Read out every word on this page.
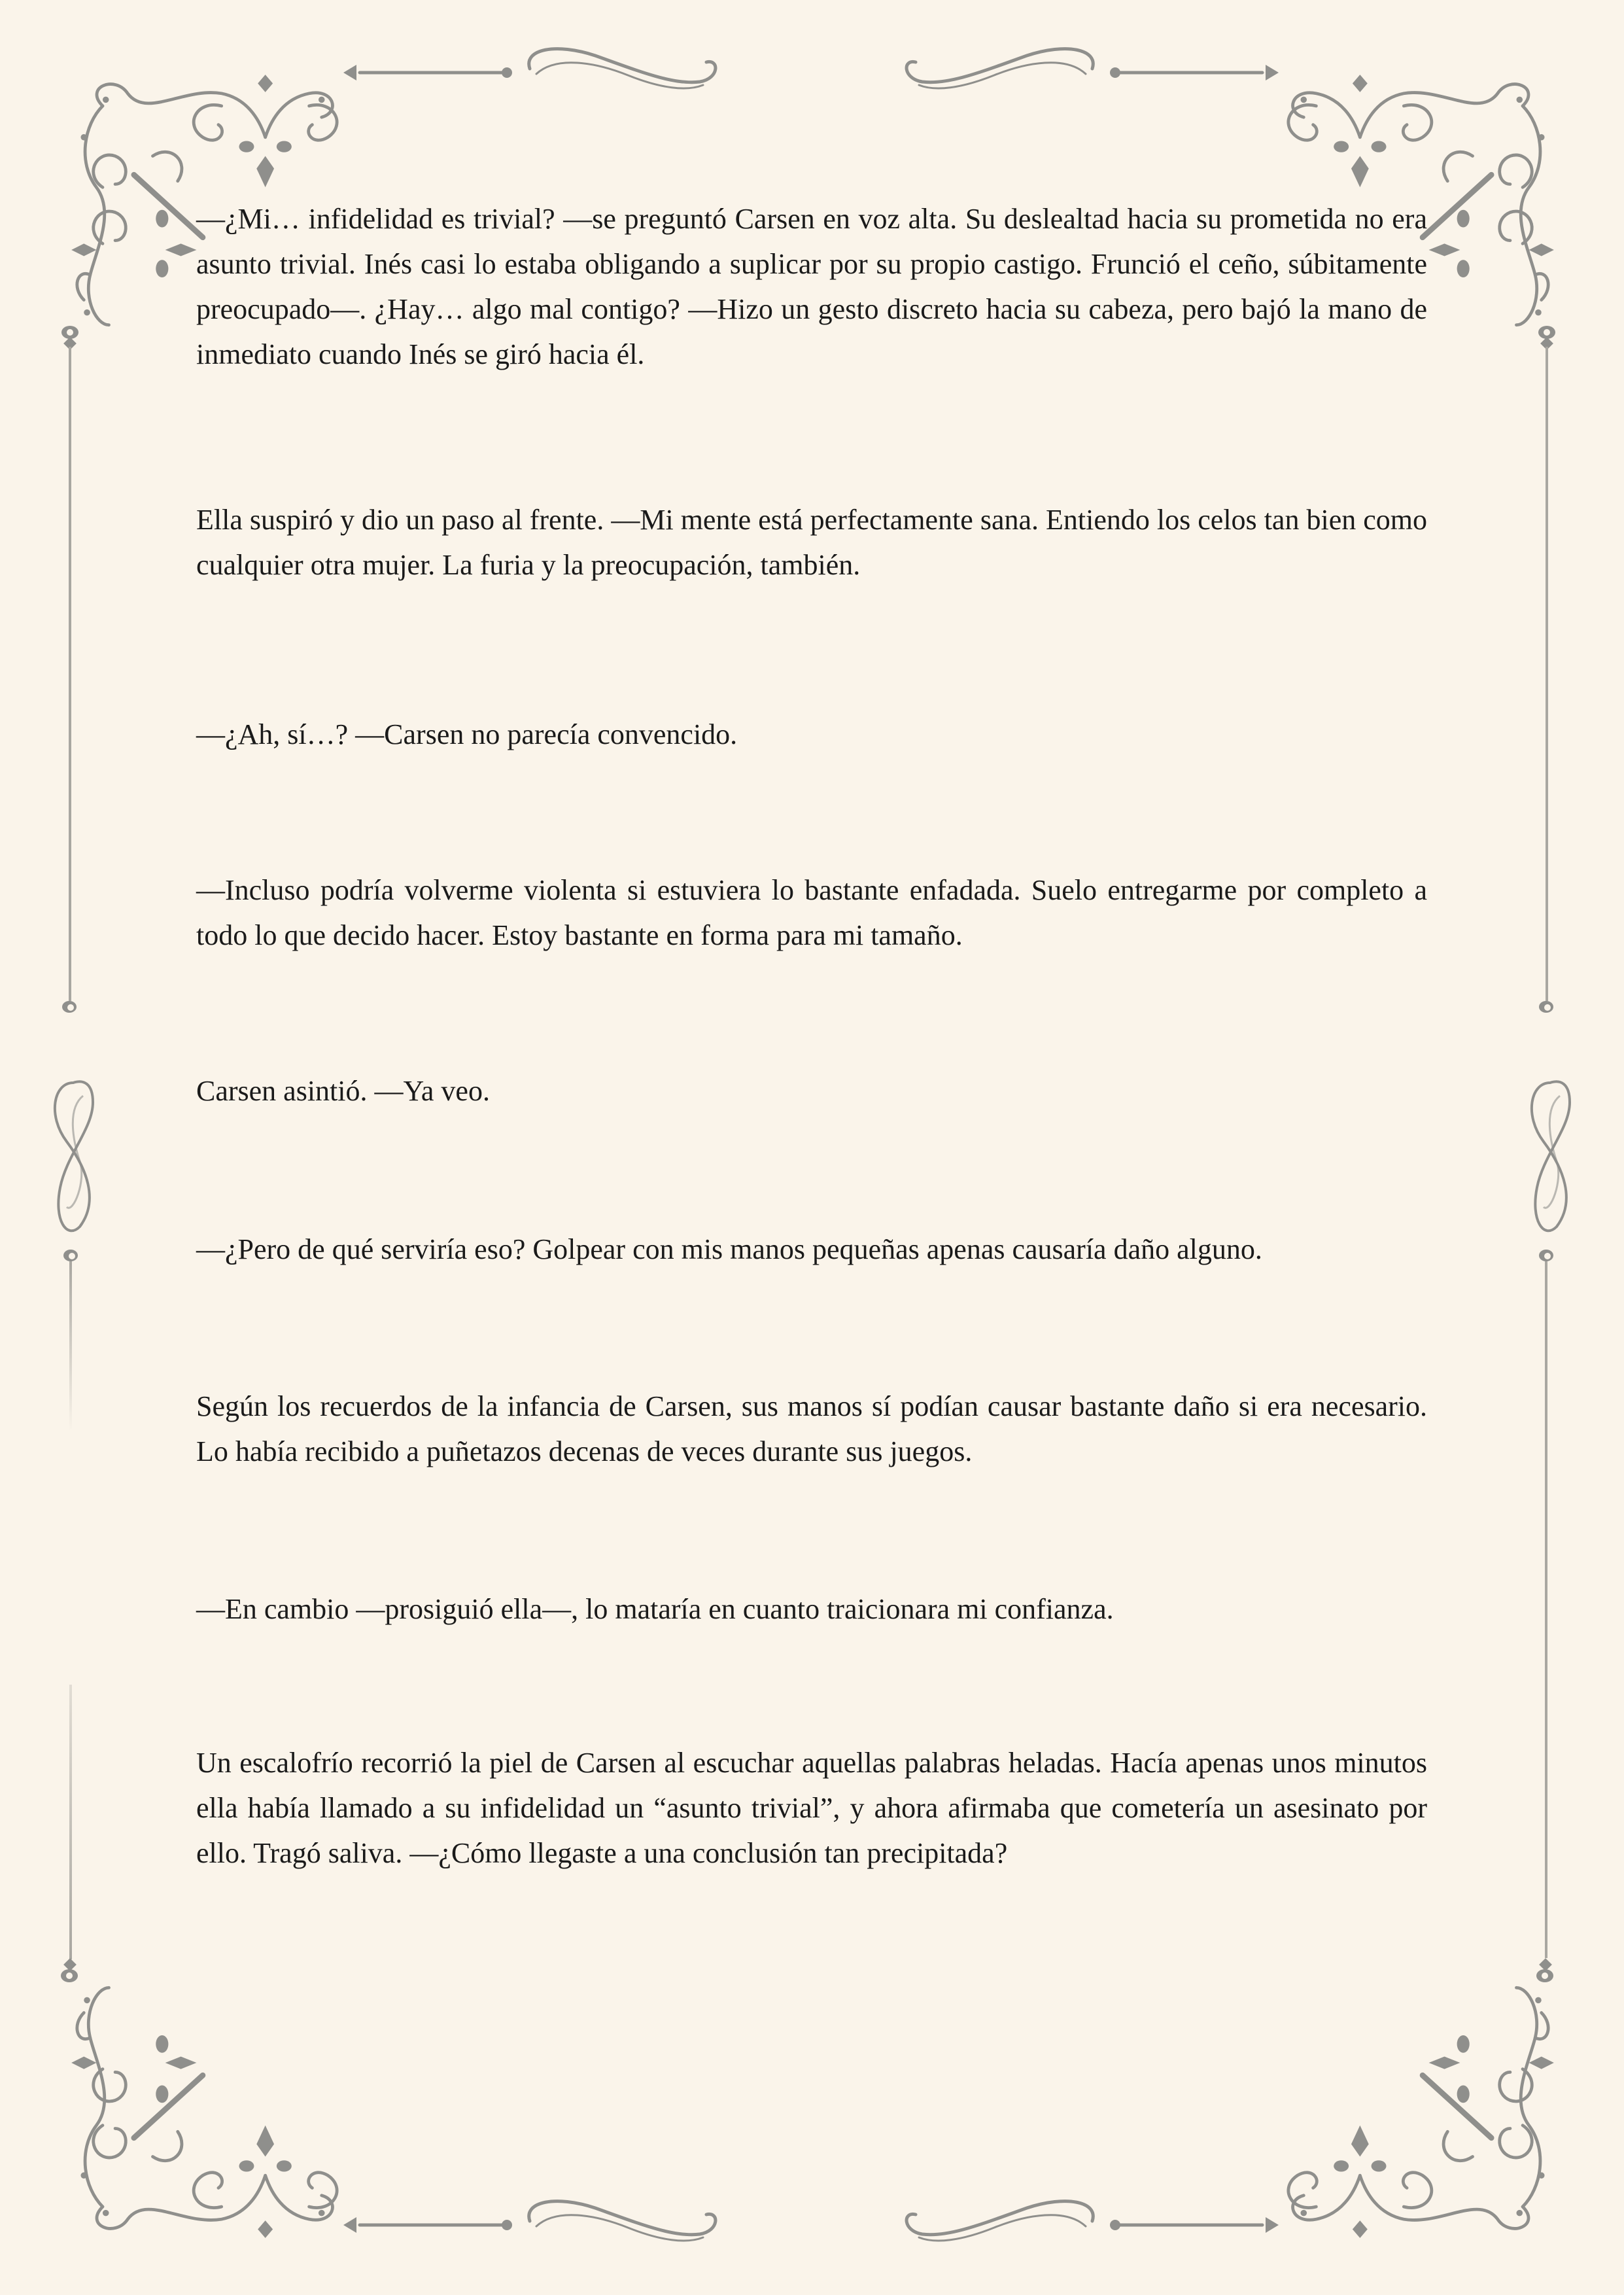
—¿Mi… infidelidad es trivial? —se preguntó Carsen en voz alta. Su deslealtad hacia su prometida no era asunto trivial. Inés casi lo estaba obligando a suplicar por su propio castigo. Frunció el ceño, súbitamente preocupado—. ¿Hay… algo mal contigo? —Hizo un gesto discreto hacia su cabeza, pero bajó la mano de inmediato cuando Inés se giró hacia él.

Ella suspiró y dio un paso al frente. —Mi mente está perfectamente sana. Entiendo los celos tan bien como cualquier otra mujer. La furia y la preocupación, también.

—¿Ah, sí…? —Carsen no parecía convencido.

—Incluso podría volverme violenta si estuviera lo bastante enfadada. Suelo entregarme por completo a todo lo que decido hacer. Estoy bastante en forma para mi tamaño.

Carsen asintió. —Ya veo.

—¿Pero de qué serviría eso? Golpear con mis manos pequeñas apenas causaría daño alguno.

Según los recuerdos de la infancia de Carsen, sus manos sí podían causar bastante daño si era necesario. Lo había recibido a puñetazos decenas de veces durante sus juegos.

—En cambio —prosiguió ella—, lo mataría en cuanto traicionara mi confianza.

Un escalofrío recorrió la piel de Carsen al escuchar aquellas palabras heladas. Hacía apenas unos minutos ella había llamado a su infidelidad un “asunto trivial”, y ahora afirmaba que cometería un asesinato por ello. Tragó saliva. —¿Cómo llegaste a una conclusión tan precipitada?
